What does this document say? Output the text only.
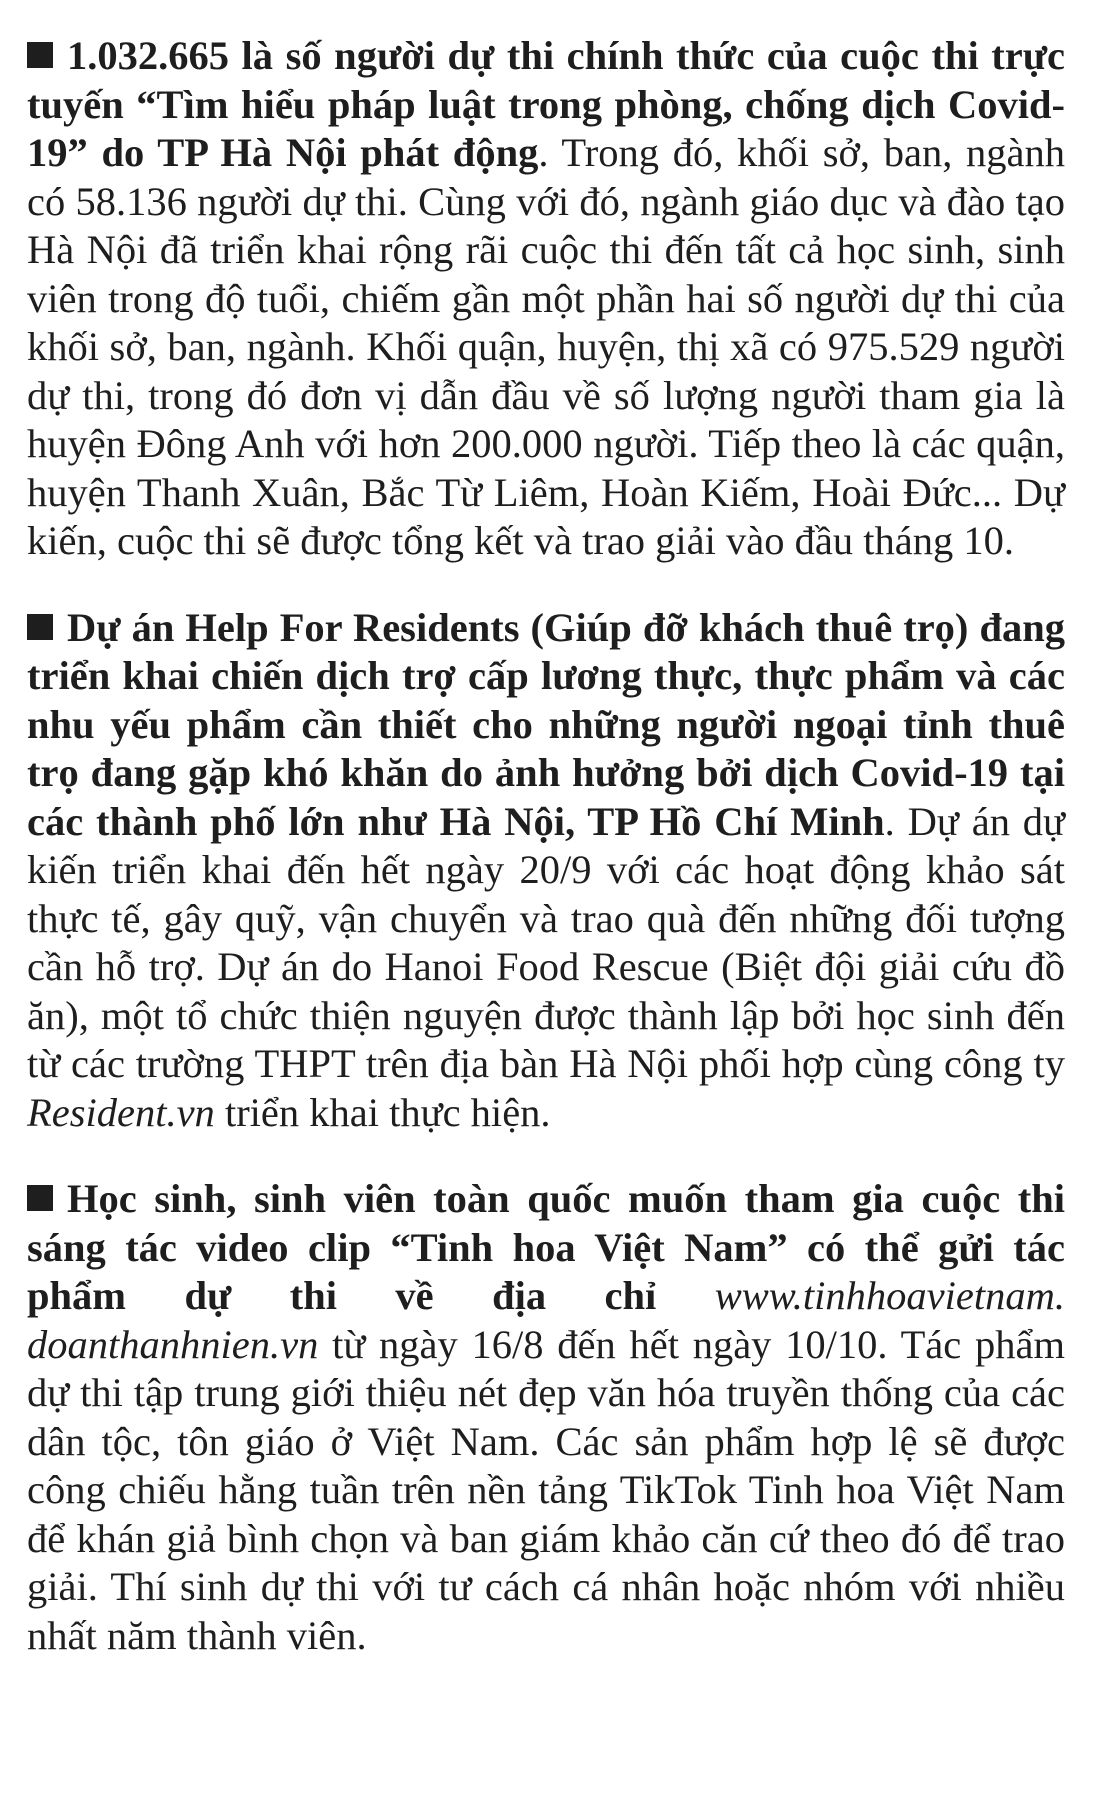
1.032.665 là số người dự thi chính thức của cuộc thi trực tuyến “Tìm hiểu pháp luật trong phòng, chống dịch Covid-19” do TP Hà Nội phát động. Trong đó, khối sở, ban, ngành có 58.136 người dự thi. Cùng với đó, ngành giáo dục và đào tạo Hà Nội đã triển khai rộng rãi cuộc thi đến tất cả học sinh, sinh viên trong độ tuổi, chiếm gần một phần hai số người dự thi của khối sở, ban, ngành. Khối quận, huyện, thị xã có 975.529 người dự thi, trong đó đơn vị dẫn đầu về số lượng người tham gia là huyện Đông Anh với hơn 200.000 người. Tiếp theo là các quận, huyện Thanh Xuân, Bắc Từ Liêm, Hoàn Kiếm, Hoài Đức... Dự kiến, cuộc thi sẽ được tổng kết và trao giải vào đầu tháng 10.

Dự án Help For Residents (Giúp đỡ khách thuê trọ) đang triển khai chiến dịch trợ cấp lương thực, thực phẩm và các nhu yếu phẩm cần thiết cho những người ngoại tỉnh thuê trọ đang gặp khó khăn do ảnh hưởng bởi dịch Covid-19 tại các thành phố lớn như Hà Nội, TP Hồ Chí Minh. Dự án dự kiến triển khai đến hết ngày 20/9 với các hoạt động khảo sát thực tế, gây quỹ, vận chuyển và trao quà đến những đối tượng cần hỗ trợ. Dự án do Hanoi Food Rescue (Biệt đội giải cứu đồ ăn), một tổ chức thiện nguyện được thành lập bởi học sinh đến từ các trường THPT trên địa bàn Hà Nội phối hợp cùng công ty Resident.vn triển khai thực hiện.

Học sinh, sinh viên toàn quốc muốn tham gia cuộc thi sáng tác video clip “Tinh hoa Việt Nam” có thể gửi tác phẩm dự thi về địa chỉ www.tinhhoavietnam. doanthanhnien.vn từ ngày 16/8 đến hết ngày 10/10. Tác phẩm dự thi tập trung giới thiệu nét đẹp văn hóa truyền thống của các dân tộc, tôn giáo ở Việt Nam. Các sản phẩm hợp lệ sẽ được công chiếu hằng tuần trên nền tảng TikTok Tinh hoa Việt Nam để khán giả bình chọn và ban giám khảo căn cứ theo đó để trao giải. Thí sinh dự thi với tư cách cá nhân hoặc nhóm với nhiều nhất năm thành viên.
